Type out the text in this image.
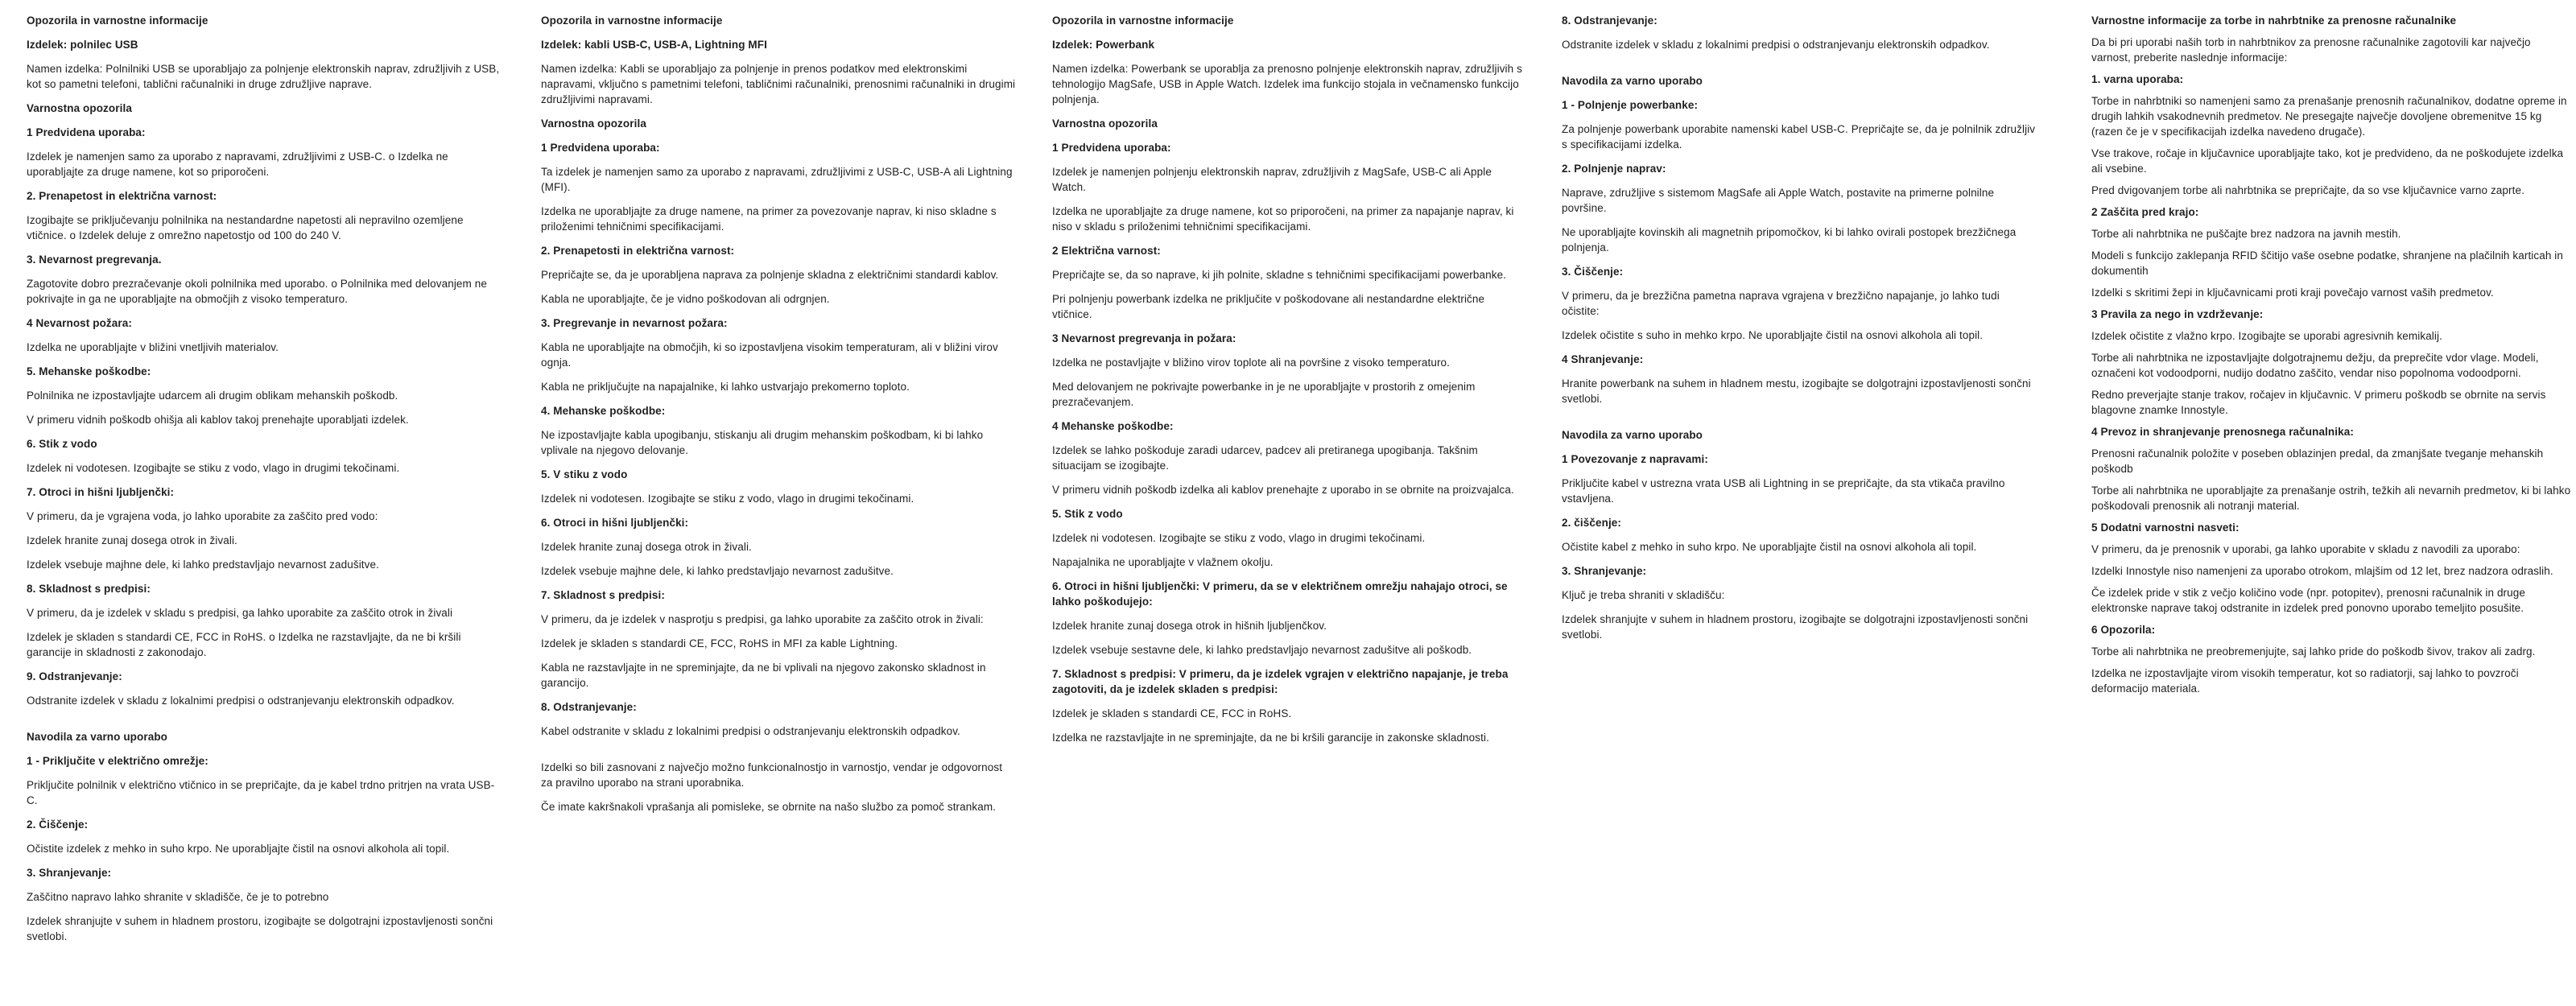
Opozorila in varnostne informacije
Izdelek: polnilec USB
Namen izdelka: Polnilniki USB se uporabljajo za polnjenje elektronskih naprav, združljivih z USB, kot so pametni telefoni, tablični računalniki in druge združljive naprave.
Varnostna opozorila
1 Predvidena uporaba:
Izdelek je namenjen samo za uporabo z napravami, združljivimi z USB-C. o Izdelka ne uporabljajte za druge namene, kot so priporočeni.
2. Prenapetost in električna varnost:
Izogibajte se priključevanju polnilnika na nestandardne napetosti ali nepravilno ozemljene vtičnice. o Izdelek deluje z omrežno napetostjo od 100 do 240 V.
3. Nevarnost pregrevanja.
Zagotovite dobro prezračevanje okoli polnilnika med uporabo. o Polnilnika med delovanjem ne pokrivajte in ga ne uporabljajte na območjih z visoko temperaturo.
4 Nevarnost požara:
Izdelka ne uporabljajte v bližini vnetljivih materialov.
5. Mehanske poškodbe:
Polnilnika ne izpostavljajte udarcem ali drugim oblikam mehanskih poškodb.
V primeru vidnih poškodb ohišja ali kablov takoj prenehajte uporabljati izdelek.
6. Stik z vodo
Izdelek ni vodotesen. Izogibajte se stiku z vodo, vlago in drugimi tekočinami.
7. Otroci in hišni ljubljenčki:
V primeru, da je vgrajena voda, jo lahko uporabite za zaščito pred vodo:
Izdelek hranite zunaj dosega otrok in živali.
Izdelek vsebuje majhne dele, ki lahko predstavljajo nevarnost zadušitve.
8. Skladnost s predpisi:
V primeru, da je izdelek v skladu s predpisi, ga lahko uporabite za zaščito otrok in živali
Izdelek je skladen s standardi CE, FCC in RoHS. o Izdelka ne razstavljajte, da ne bi kršili garancije in skladnosti z zakonodajo.
9. Odstranjevanje:
Odstranite izdelek v skladu z lokalnimi predpisi o odstranjevanju elektronskih odpadkov.
Navodila za varno uporabo
1 - Priključite v električno omrežje:
Priključite polnilnik v električno vtičnico in se prepričajte, da je kabel trdno pritrjen na vrata USB-C.
2. Čiščenje:
Očistite izdelek z mehko in suho krpo. Ne uporabljajte čistil na osnovi alkohola ali topil.
3. Shranjevanje:
Zaščitno napravo lahko shranite v skladišče, če je to potrebno
Izdelek shranjujte v suhem in hladnem prostoru, izogibajte se dolgotrajni izpostavljenosti sončni svetlobi.
Opozorila in varnostne informacije
Izdelek: kabli USB-C, USB-A, Lightning MFI
Namen izdelka: Kabli se uporabljajo za polnjenje in prenos podatkov med elektronskimi napravami, vključno s pametnimi telefoni, tabličnimi računalniki, prenosnimi računalniki in drugimi združljivimi napravami.
Varnostna opozorila
1 Predvidena uporaba:
Ta izdelek je namenjen samo za uporabo z napravami, združljivimi z USB-C, USB-A ali Lightning (MFI).
Izdelka ne uporabljajte za druge namene, na primer za povezovanje naprav, ki niso skladne s priloženimi tehničnimi specifikacijami.
2. Prenapetosti in električna varnost:
Prepričajte se, da je uporabljena naprava za polnjenje skladna z električnimi standardi kablov.
Kabla ne uporabljajte, če je vidno poškodovan ali odrgnjen.
3. Pregrevanje in nevarnost požara:
Kabla ne uporabljajte na območjih, ki so izpostavljena visokim temperaturam, ali v bližini virov ognja.
Kabla ne priključujte na napajalnike, ki lahko ustvarjajo prekomerno toploto.
4. Mehanske poškodbe:
Ne izpostavljajte kabla upogibanju, stiskanju ali drugim mehanskim poškodbam, ki bi lahko vplivale na njegovo delovanje.
5. V stiku z vodo
Izdelek ni vodotesen. Izogibajte se stiku z vodo, vlago in drugimi tekočinami.
6. Otroci in hišni ljubljenčki:
Izdelek hranite zunaj dosega otrok in živali.
Izdelek vsebuje majhne dele, ki lahko predstavljajo nevarnost zadušitve.
7. Skladnost s predpisi:
V primeru, da je izdelek v nasprotju s predpisi, ga lahko uporabite za zaščito otrok in živali:
Izdelek je skladen s standardi CE, FCC, RoHS in MFI za kable Lightning.
Kabla ne razstavljajte in ne spreminjajte, da ne bi vplivali na njegovo zakonsko skladnost in garancijo.
8. Odstranjevanje:
Kabel odstranite v skladu z lokalnimi predpisi o odstranjevanju elektronskih odpadkov.
Izdelki so bili zasnovani z največjo možno funkcionalnostjo in varnostjo, vendar je odgovornost za pravilno uporabo na strani uporabnika.
Če imate kakršnakoli vprašanja ali pomisleke, se obrnite na našo službo za pomoč strankam.
Opozorila in varnostne informacije
Izdelek: Powerbank
Namen izdelka: Powerbank se uporablja za prenosno polnjenje elektronskih naprav, združljivih s tehnologijo MagSafe, USB in Apple Watch. Izdelek ima funkcijo stojala in večnamensko funkcijo polnjenja.
Varnostna opozorila
1 Predvidena uporaba:
Izdelek je namenjen polnjenju elektronskih naprav, združljivih z MagSafe, USB-C ali Apple Watch.
Izdelka ne uporabljajte za druge namene, kot so priporočeni, na primer za napajanje naprav, ki niso v skladu s priloženimi tehničnimi specifikacijami.
2 Električna varnost:
Prepričajte se, da so naprave, ki jih polnite, skladne s tehničnimi specifikacijami powerbanke.
Pri polnjenju powerbank izdelka ne priključite v poškodovane ali nestandardne električne vtičnice.
3 Nevarnost pregrevanja in požara:
Izdelka ne postavljajte v bližino virov toplote ali na površine z visoko temperaturo.
Med delovanjem ne pokrivajte powerbanke in je ne uporabljajte v prostorih z omejenim prezračevanjem.
4 Mehanske poškodbe:
Izdelek se lahko poškoduje zaradi udarcev, padcev ali pretiranega upogibanja. Takšnim situacijam se izogibajte.
V primeru vidnih poškodb izdelka ali kablov prenehajte z uporabo in se obrnite na proizvajalca.
5. Stik z vodo
Izdelek ni vodotesen. Izogibajte se stiku z vodo, vlago in drugimi tekočinami.
Napajalnika ne uporabljajte v vlažnem okolju.
6. Otroci in hišni ljubljenčki: V primeru, da se v električnem omrežju nahajajo otroci, se lahko poškodujejo:
Izdelek hranite zunaj dosega otrok in hišnih ljubljenčkov.
Izdelek vsebuje sestavne dele, ki lahko predstavljajo nevarnost zadušitve ali poškodb.
7. Skladnost s predpisi: V primeru, da je izdelek vgrajen v električno napajanje, je treba zagotoviti, da je izdelek skladen s predpisi:
Izdelek je skladen s standardi CE, FCC in RoHS.
Izdelka ne razstavljajte in ne spreminjajte, da ne bi kršili garancije in zakonske skladnosti.
8. Odstranjevanje:
Odstranite izdelek v skladu z lokalnimi predpisi o odstranjevanju elektronskih odpadkov.
Navodila za varno uporabo
1 - Polnjenje powerbanke:
Za polnjenje powerbank uporabite namenski kabel USB-C. Prepričajte se, da je polnilnik združljiv s specifikacijami izdelka.
2. Polnjenje naprav:
Naprave, združljive s sistemom MagSafe ali Apple Watch, postavite na primerne polnilne površine.
Ne uporabljajte kovinskih ali magnetnih pripomočkov, ki bi lahko ovirali postopek brezžičnega polnjenja.
3. Čiščenje:
V primeru, da je brezžična pametna naprava vgrajena v brezžično napajanje, jo lahko tudi očistite:
Izdelek očistite s suho in mehko krpo. Ne uporabljajte čistil na osnovi alkohola ali topil.
4 Shranjevanje:
Hranite powerbank na suhem in hladnem mestu, izogibajte se dolgotrajni izpostavljenosti sončni svetlobi.
Navodila za varno uporabo
1 Povezovanje z napravami:
Priključite kabel v ustrezna vrata USB ali Lightning in se prepričajte, da sta vtikača pravilno vstavljena.
2. čiščenje:
Očistite kabel z mehko in suho krpo. Ne uporabljajte čistil na osnovi alkohola ali topil.
3. Shranjevanje:
Ključ je treba shraniti v skladišču:
Izdelek shranjujte v suhem in hladnem prostoru, izogibajte se dolgotrajni izpostavljenosti sončni svetlobi.
Varnostne informacije za torbe in nahrbtnike za prenosne računalnike
Da bi pri uporabi naših torb in nahrbtnikov za prenosne računalnike zagotovili kar največjo varnost, preberite naslednje informacije:
1. varna uporaba:
Torbe in nahrbtniki so namenjeni samo za prenašanje prenosnih računalnikov, dodatne opreme in drugih lahkih vsakodnevnih predmetov. Ne presegajte največje dovoljene obremenitve 15 kg (razen če je v specifikacijah izdelka navedeno drugače).
Vse trakove, ročaje in ključavnice uporabljajte tako, kot je predvideno, da ne poškodujete izdelka ali vsebine.
Pred dvigovanjem torbe ali nahrbtnika se prepričajte, da so vse ključavnice varno zaprte.
2 Zaščita pred krajo:
Torbe ali nahrbtnika ne puščajte brez nadzora na javnih mestih.
Modeli s funkcijo zaklepanja RFID ščitijo vaše osebne podatke, shranjene na plačilnih karticah in dokumentih
Izdelki s skritimi žepi in ključavnicami proti kraji povečajo varnost vaših predmetov.
3 Pravila za nego in vzdrževanje:
Izdelek očistite z vlažno krpo. Izogibajte se uporabi agresivnih kemikalij.
Torbe ali nahrbtnika ne izpostavljajte dolgotrajnemu dežju, da preprečite vdor vlage. Modeli, označeni kot vodoodporni, nudijo dodatno zaščito, vendar niso popolnoma vodoodporni.
Redno preverjajte stanje trakov, ročajev in ključavnic. V primeru poškodb se obrnite na servis blagovne znamke Innostyle.
4 Prevoz in shranjevanje prenosnega računalnika:
Prenosni računalnik položite v poseben oblazinjen predal, da zmanjšate tveganje mehanskih poškodb
Torbe ali nahrbtnika ne uporabljajte za prenašanje ostrih, težkih ali nevarnih predmetov, ki bi lahko poškodovali prenosnik ali notranji material.
5 Dodatni varnostni nasveti:
V primeru, da je prenosnik v uporabi, ga lahko uporabite v skladu z navodili za uporabo:
Izdelki Innostyle niso namenjeni za uporabo otrokom, mlajšim od 12 let, brez nadzora odraslih.
Če izdelek pride v stik z večjo količino vode (npr. potopitev), prenosni računalnik in druge elektronske naprave takoj odstranite in izdelek pred ponovno uporabo temeljito posušite.
6 Opozorila:
Torbe ali nahrbtnika ne preobremenjujte, saj lahko pride do poškodb šivov, trakov ali zadrg.
Izdelka ne izpostavljajte virom visokih temperatur, kot so radiatorji, saj lahko to povzroči deformacijo materiala.
